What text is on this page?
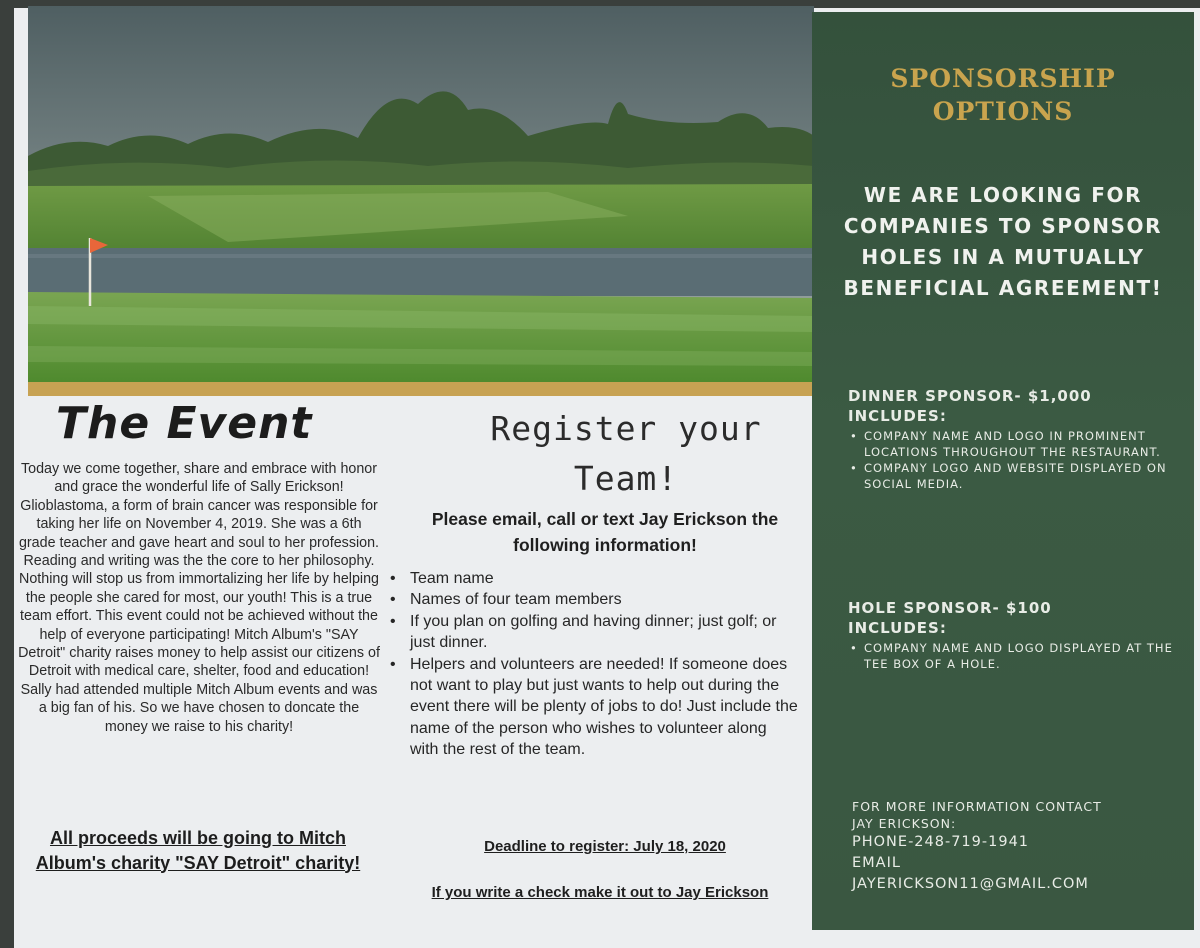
SPONSORSHIP
OPTIONS
WE ARE LOOKING FOR COMPANIES TO SPONSOR HOLES IN A MUTUALLY BENEFICIAL AGREEMENT!
DINNER SPONSOR- $1,000
INCLUDES:
• COMPANY NAME AND LOGO IN PROMINENT LOCATIONS THROUGHOUT THE RESTAURANT.
• COMPANY LOGO AND WEBSITE DISPLAYED ON SOCIAL MEDIA.
HOLE SPONSOR- $100
INCLUDES:
• COMPANY NAME AND LOGO DISPLAYED AT THE TEE BOX OF A HOLE.
FOR MORE INFORMATION CONTACT
JAY ERICKSON:
PHONE-248-719-1941
EMAIL
JAYERICKSON11@GMAIL.COM
The Event
Today we come together, share and embrace with honor and grace the wonderful life of Sally Erickson! Glioblastoma, a form of brain cancer was responsible for taking her life on November 4, 2019. She was a 6th grade teacher and gave heart and soul to her profession. Reading and writing was the the core to her philosophy. Nothing will stop us from immortalizing her life by helping the people she cared for most, our youth! This is a true team effort. This event could not be achieved without the help of everyone participating! Mitch Album's "SAY Detroit" charity raises money to help assist our citizens of Detroit with medical care, shelter, food and education! Sally had attended multiple Mitch Album events and was a big fan of his. So we have chosen to doncate the money we raise to his charity!
All proceeds will be going to Mitch Album's charity "SAY Detroit" charity!
Register your Team!
Please email, call or text Jay Erickson the following information!
• Team name
• Names of four team members
• If you plan on golfing and having dinner; just golf; or just dinner.
• Helpers and volunteers are needed! If someone does not want to play but just wants to help out during the event there will be plenty of jobs to do! Just include the name of the person who wishes to volunteer along with the rest of the team.
Deadline to register: July 18, 2020
If you write a check make it out to Jay Erickson
